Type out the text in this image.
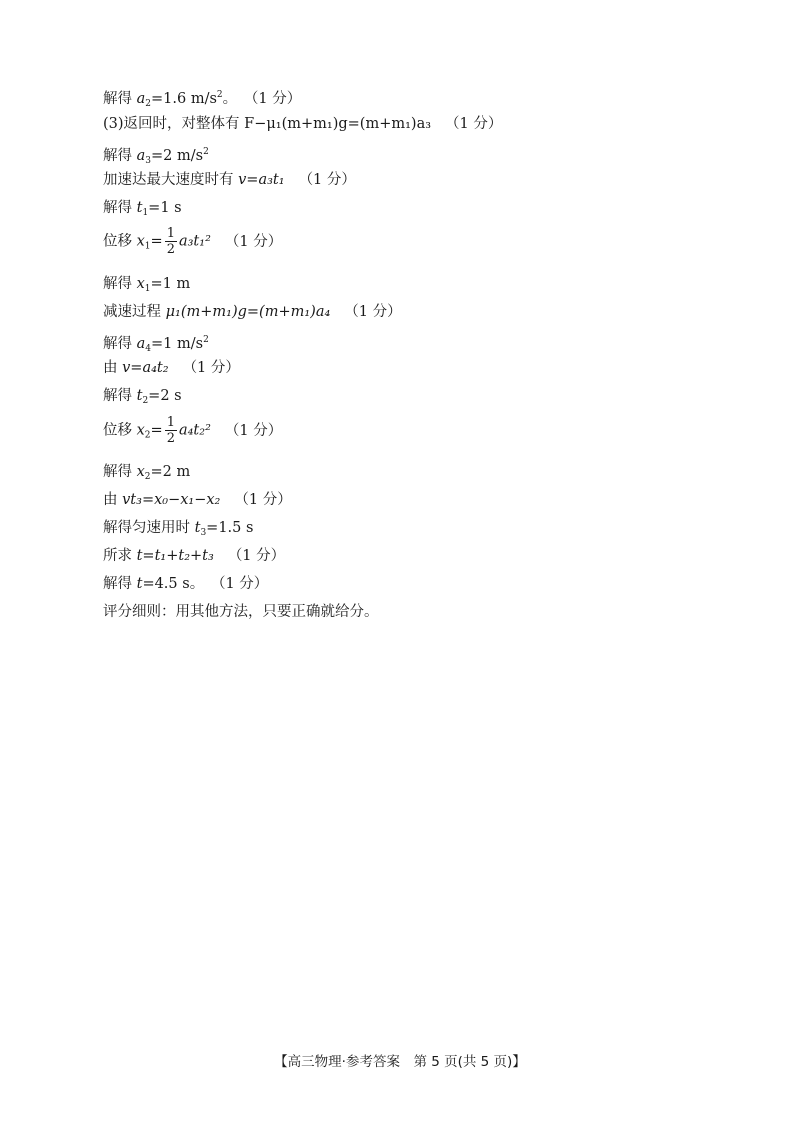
解得 $a_2=1.6$ $m/s^2$。 （1 分）
(3)返回时，对整体有 F−μ₁(m+m₁)g=(m+m₁)a₃ （1 分）
解得 $a_3=2$ $m/s^2$
加速达最大速度时有 v=a₃t₁ （1 分）
解得 $t_1=1$ s
位移 $x_1= \frac{1}{2} a_3t_1^2$ （1 分）
解得 $x_1=1$ m
减速过程 μ₁(m+m₁)g=(m+m₁)a₄ （1 分）
解得 $a_4=1$ $m/s^2$
由 v=a₄t₂ （1 分）
解得 $t_2=2$ s
位移 $x_2= \frac{1}{2} a_4t_2^2$ （1 分）
解得 $x_2=2$ m
由 vt₃=x₀−x₁−x₂ （1 分）
解得匀速用时 $t_3=1.5$ s
所求 t=t₁+t₂+t₃ （1 分）
解得 t=4.5 s。 （1 分）
评分细则：用其他方法，只要正确就给分。
【高三物理·参考答案　第 5 页(共 5 页)】
